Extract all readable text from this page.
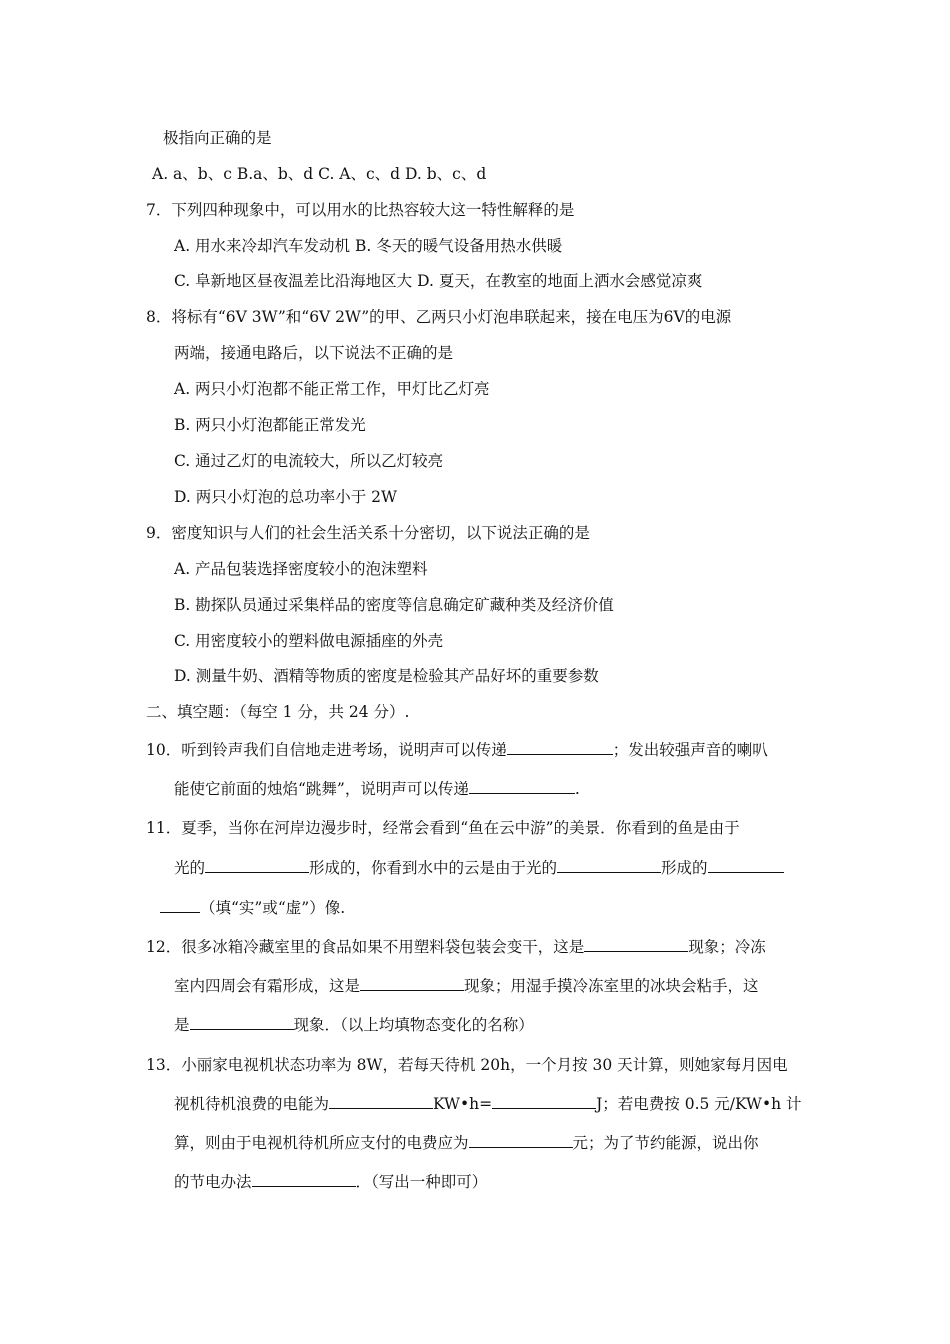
极指向正确的是
A. a、b、c B.a、b、d C. A、c、d D. b、c、d
7．下列四种现象中，可以用水的比热容较大这一特性解释的是
A. 用水来冷却汽车发动机 B. 冬天的暖气设备用热水供暖
C. 阜新地区昼夜温差比沿海地区大 D. 夏天，在教室的地面上洒水会感觉凉爽
8．将标有“6V 3W”和“6V 2W”的甲、乙两只小灯泡串联起来，接在电压为6V的电源
两端，接通电路后，以下说法不正确的是
A. 两只小灯泡都不能正常工作，甲灯比乙灯亮
B. 两只小灯泡都能正常发光
C. 通过乙灯的电流较大，所以乙灯较亮
D. 两只小灯泡的总功率小于 2W
9．密度知识与人们的社会生活关系十分密切，以下说法正确的是
A. 产品包装选择密度较小的泡沫塑料
B. 勘探队员通过采集样品的密度等信息确定矿藏种类及经济价值
C. 用密度较小的塑料做电源插座的外壳
D. 测量牛奶、酒精等物质的密度是检验其产品好坏的重要参数
二、填空题：（每空 1 分，共 24 分）.
10．听到铃声我们自信地走进考场，说明声可以传递	；发出较强声音的喇叭
能使它前面的烛焰“跳舞”，说明声可以传递	.
11．夏季，当你在河岸边漫步时，经常会看到“鱼在云中游”的美景．你看到的鱼是由于
光的	形成的，你看到水中的云是由于光的	形成的
（填“实”或“虚”）像.
12．很多冰箱冷藏室里的食品如果不用塑料袋包装会变干，这是	现象；冷冻
室内四周会有霜形成，这是	现象；用湿手摸冷冻室里的冰块会粘手，这
是	现象．（以上均填物态变化的名称）
13．小丽家电视机状态功率为 8W，若每天待机 20h，一个月按 30 天计算，则她家每月因电
视机待机浪费的电能为	KW•h=	J；若电费按 0.5 元/KW•h 计
算，则由于电视机待机所应支付的电费应为	元；为了节约能源，说出你
的节电办法	．（写出一种即可）
